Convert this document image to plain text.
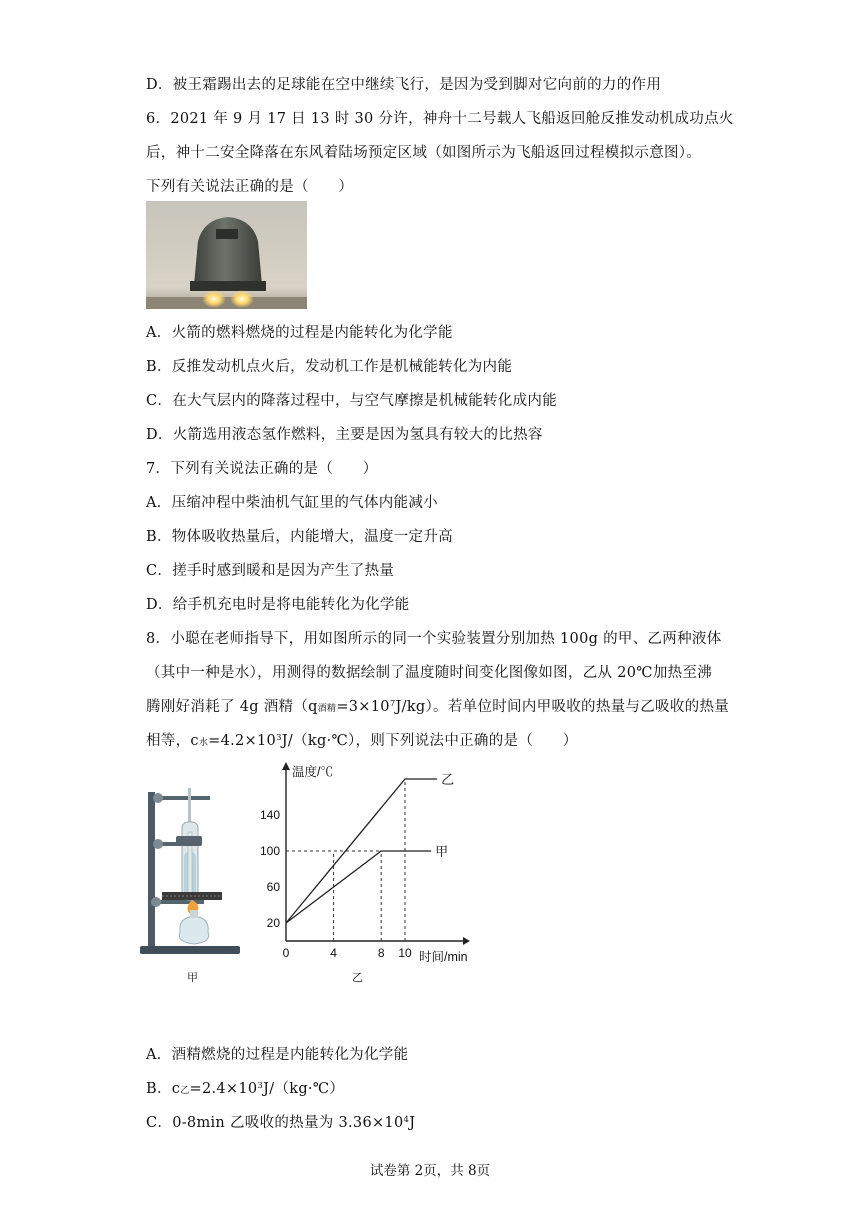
D．被王霜踢出去的足球能在空中继续飞行，是因为受到脚对它向前的力的作用
6．2021 年 9 月 17 日 13 时 30 分许，神舟十二号载人飞船返回舱反推发动机成功点火
后，神十二安全降落在东风着陆场预定区域（如图所示为飞船返回过程模拟示意图）。
下列有关说法正确的是（　　）
A．火箭的燃料燃烧的过程是内能转化为化学能
B．反推发动机点火后，发动机工作是机械能转化为内能
C．在大气层内的降落过程中，与空气摩擦是机械能转化成内能
D．火箭选用液态氢作燃料，主要是因为氢具有较大的比热容
7．下列有关说法正确的是（　　）
A．压缩冲程中柴油机气缸里的气体内能减小
B．物体吸收热量后，内能增大，温度一定升高
C．搓手时感到暖和是因为产生了热量
D．给手机充电时是将电能转化为化学能
8．小聪在老师指导下，用如图所示的同一个实验装置分别加热 100g 的甲、乙两种液体
（其中一种是水），用测得的数据绘制了温度随时间变化图像如图，乙从 20℃加热至沸
腾刚好消耗了 4g 酒精（q酒精$=3\times 10^7J/kg$）。若单位时间内甲吸收的热量与乙吸收的热量
相等，c水$=4.2\times 10^3J/(kg\cdot℃)$，则下列说法中正确的是（　　）
甲
温度/℃
时间/min
0	4	8 10
20
60
100
140
乙
甲
乙
A．酒精燃烧的过程是内能转化为化学能
B．c乙$=2.4\times 10^3J/(kg\cdot℃)$
C．0-8min 乙吸收的热量为 $3.36\times 10^4J$
试卷第 2页，共 8页
